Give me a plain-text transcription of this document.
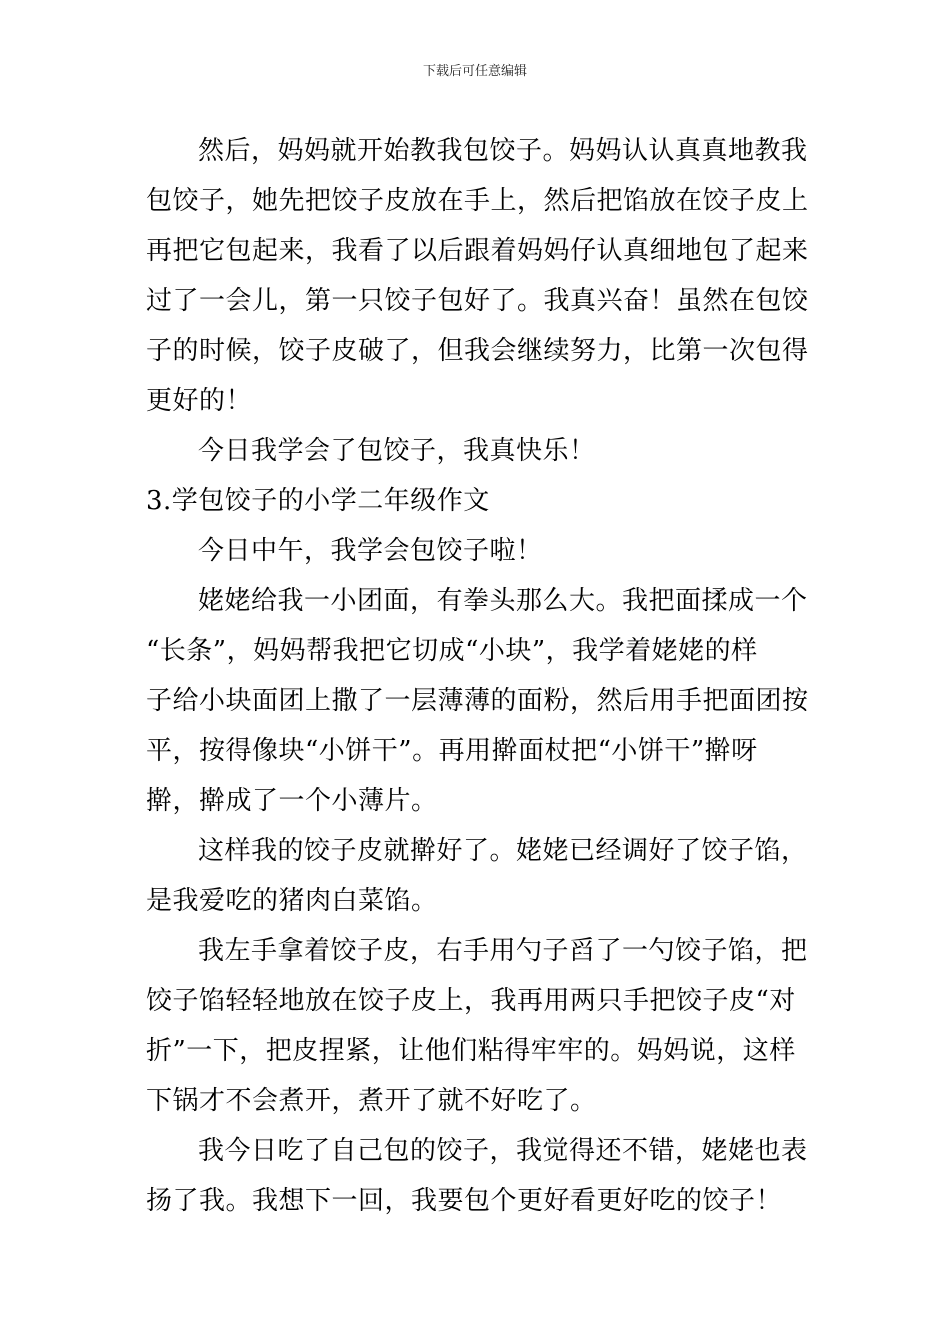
下载后可任意编辑

然后，妈妈就开始教我包饺子。妈妈认认真真地教我

包饺子，她先把饺子皮放在手上，然后把馅放在饺子皮上

再把它包起来，我看了以后跟着妈妈仔认真细地包了起来

过了一会儿，第一只饺子包好了。我真兴奋！虽然在包饺

子的时候，饺子皮破了，但我会继续努力，比第一次包得

更好的！

今日我学会了包饺子，我真快乐！

3.学包饺子的小学二年级作文

今日中午，我学会包饺子啦！

姥姥给我一小团面，有拳头那么大。我把面揉成一个

“长条”，妈妈帮我把它切成“小块”，我学着姥姥的样

子给小块面团上撒了一层薄薄的面粉，然后用手把面团按

平，按得像块“小饼干”。再用擀面杖把“小饼干”擀呀

擀，擀成了一个小薄片。

这样我的饺子皮就擀好了。姥姥已经调好了饺子馅，

是我爱吃的猪肉白菜馅。

我左手拿着饺子皮，右手用勺子舀了一勺饺子馅，把

饺子馅轻轻地放在饺子皮上，我再用两只手把饺子皮“对

折”一下，把皮捏紧，让他们粘得牢牢的。妈妈说，这样

下锅才不会煮开，煮开了就不好吃了。

我今日吃了自己包的饺子，我觉得还不错，姥姥也表

扬了我。我想下一回，我要包个更好看更好吃的饺子！
